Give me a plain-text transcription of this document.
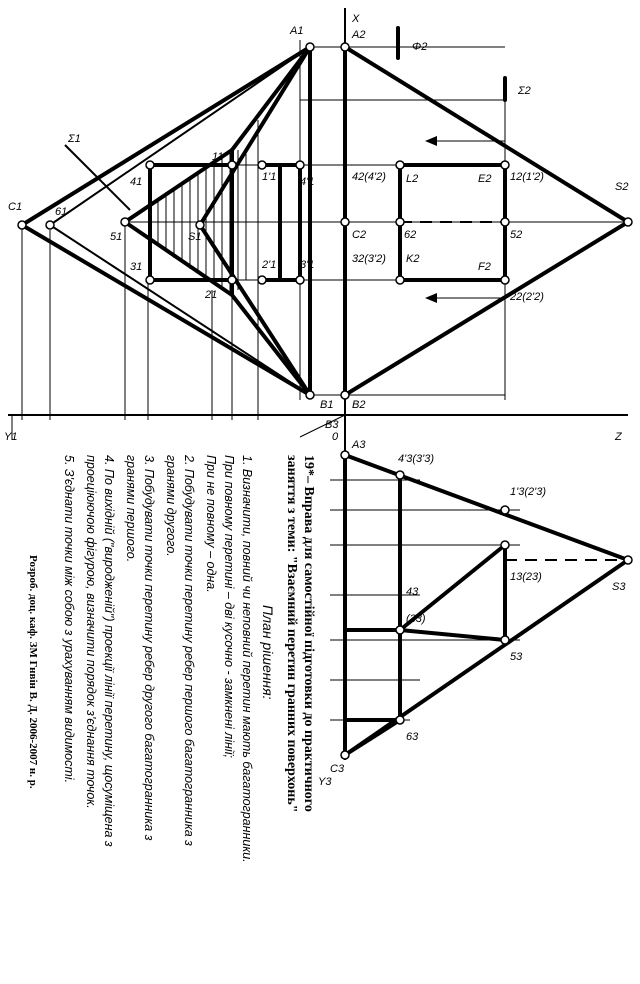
X
Z
Y1
Y3
0
Φ2
Σ2
Σ1
A1	A2
A3
B1 B2
B3
C1
C2
C3
S1
S2
S3
11
1'1
41	4'1
21
2'1
31	3'1
51
61
E2
F2
L2
K2
12(1'2)
22(2'2)
42(4'2)
32(3'2)
62	52
4'3(3'3)
1'3(2'3)
13(23)
43
(33)
53
63
19*– Вправа для самостійної підготовки до практичного
заняття з теми: "Взаємний перетин гранних поверхонь"
План рішення:
1. Визначити, повний чи неповний перетин мають багатогранники.
При повному перетині – дві кусочно - замкнені лінії;
При не повному – одна.
2. Побудувати точки перетину ребер першого багатогранника з
гранями другого.
3. Побудувати точки перетину ребер другого багатогранника з
гранями першого.
4. По вихідній ("виродженій") проекції лінії перетину, щосуміщена з
проеціюючою фігурою, визначити порядок з'єднання точок.
5. З'єднати точки між собою з урахуванням видимості.
Розроб. доц. каф. ЗМ Гнвін В. Д. 2006-2007 н. р.
